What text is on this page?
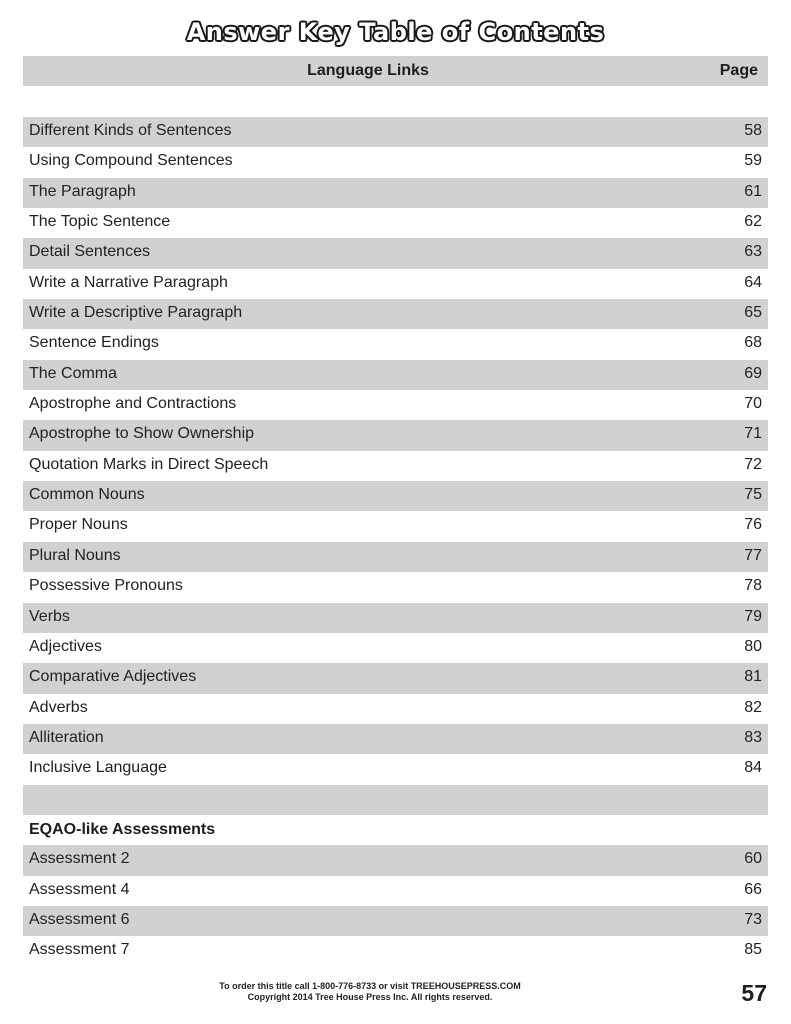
Answer Key Table of Contents
Language Links	Page
Different Kinds of Sentences	58
Using Compound Sentences	59
The Paragraph	61
The Topic Sentence	62
Detail Sentences	63
Write a Narrative Paragraph	64
Write a Descriptive Paragraph	65
Sentence Endings	68
The Comma	69
Apostrophe and Contractions	70
Apostrophe to Show Ownership	71
Quotation Marks in Direct Speech	72
Common Nouns	75
Proper Nouns	76
Plural Nouns	77
Possessive Pronouns	78
Verbs	79
Adjectives	80
Comparative Adjectives	81
Adverbs	82
Alliteration	83
Inclusive Language	84
EQAO-like Assessments
Assessment 2	60
Assessment 4	66
Assessment 6	73
Assessment 7	85
To order this title call 1-800-776-8733 or visit TREEHOUSEPRESS.COM
Copyright 2014 Tree House Press Inc. All rights reserved.	57
